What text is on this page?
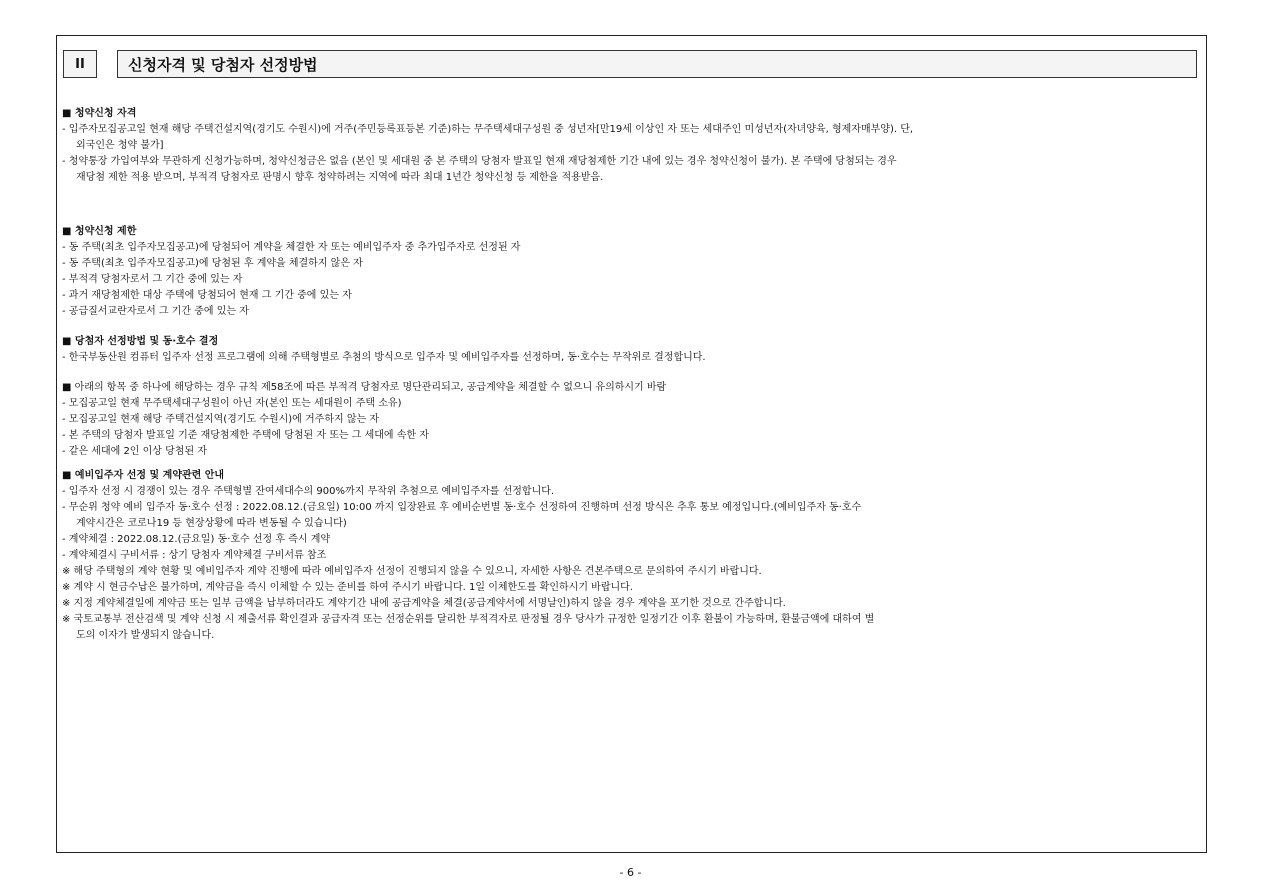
II	신청자격 및 당첨자 선정방법
■ 청약신청 자격
- 입주자모집공고일 현재 해당 주택건설지역(경기도 수원시)에 거주(주민등록표등본 기준)하는 무주택세대구성원 중 성년자[만19세 이상인 자 또는 세대주인 미성년자(자녀양육, 형제자매부양). 단,
외국인은 청약 불가]
- 청약통장 가입여부와 무관하게 신청가능하며, 청약신청금은 없음 (본인 및 세대원 중 본 주택의 당첨자 발표일 현재 재당첨제한 기간 내에 있는 경우 청약신청이 불가). 본 주택에 당첨되는 경우
재당첨 제한 적용 받으며, 부적격 당첨자로 판명시 향후 청약하려는 지역에 따라 최대 1년간 청약신청 등 제한을 적용받음.
■ 청약신청 제한
- 동 주택(최초 입주자모집공고)에 당첨되어 계약을 체결한 자 또는 예비입주자 중 추가입주자로 선정된 자
- 동 주택(최초 입주자모집공고)에 당첨된 후 계약을 체결하지 않은 자
- 부적격 당첨자로서 그 기간 중에 있는 자
- 과거 재당첨제한 대상 주택에 당첨되어 현재 그 기간 중에 있는 자
- 공급질서교란자로서 그 기간 중에 있는 자
■ 당첨자 선정방법 및 동·호수 결정
- 한국부동산원 컴퓨터 입주자 선정 프로그램에 의해 주택형별로 추첨의 방식으로 입주자 및 예비입주자를 선정하며, 동·호수는 무작위로 결정합니다.
■ 아래의 항목 중 하나에 해당하는 경우 규칙 제58조에 따른 부적격 당첨자로 명단관리되고, 공급계약을 체결할 수 없으니 유의하시기 바람
- 모집공고일 현재 무주택세대구성원이 아닌 자(본인 또는 세대원이 주택 소유)
- 모집공고일 현재 해당 주택건설지역(경기도 수원시)에 거주하지 않는 자
- 본 주택의 당첨자 발표일 기준 재당첨제한 주택에 당첨된 자 또는 그 세대에 속한 자
- 같은 세대에 2인 이상 당첨된 자
■ 예비입주자 선정 및 계약관련 안내
- 입주자 선정 시 경쟁이 있는 경우 주택형별 잔여세대수의 900%까지 무작위 추첨으로 예비입주자를 선정합니다.
- 무순위 청약 예비 입주자 동·호수 선정 : 2022.08.12.(금요일) 10:00 까지 입장완료 후 예비순번별 동·호수 선정하여 진행하며 선정 방식은 추후 통보 예정입니다.(예비입주자 동·호수
계약시간은 코로나19 등 현장상황에 따라 변동될 수 있습니다)
- 계약체결 : 2022.08.12.(금요일) 동·호수 선정 후 즉시 계약
- 계약체결시 구비서류 : 상기 당첨자 계약체결 구비서류 참조
※ 해당 주택형의 계약 현황 및 예비입주자 계약 진행에 따라 예비입주자 선정이 진행되지 않을 수 있으니, 자세한 사항은 견본주택으로 문의하여 주시기 바랍니다.
※ 계약 시 현금수납은 불가하며, 계약금을 즉시 이체할 수 있는 준비를 하여 주시기 바랍니다. 1일 이체한도를 확인하시기 바랍니다.
※ 지정 계약체결일에 계약금 또는 일부 금액을 납부하더라도 계약기간 내에 공급계약을 체결(공급계약서에 서명날인)하지 않을 경우 계약을 포기한 것으로 간주합니다.
※ 국토교통부 전산검색 및 계약 신청 시 제출서류 확인결과 공급자격 또는 선정순위를 달리한 부적격자로 판정될 경우 당사가 규정한 일정기간 이후 환불이 가능하며, 환불금액에 대하여 별
도의 이자가 발생되지 않습니다.
- 6 -
